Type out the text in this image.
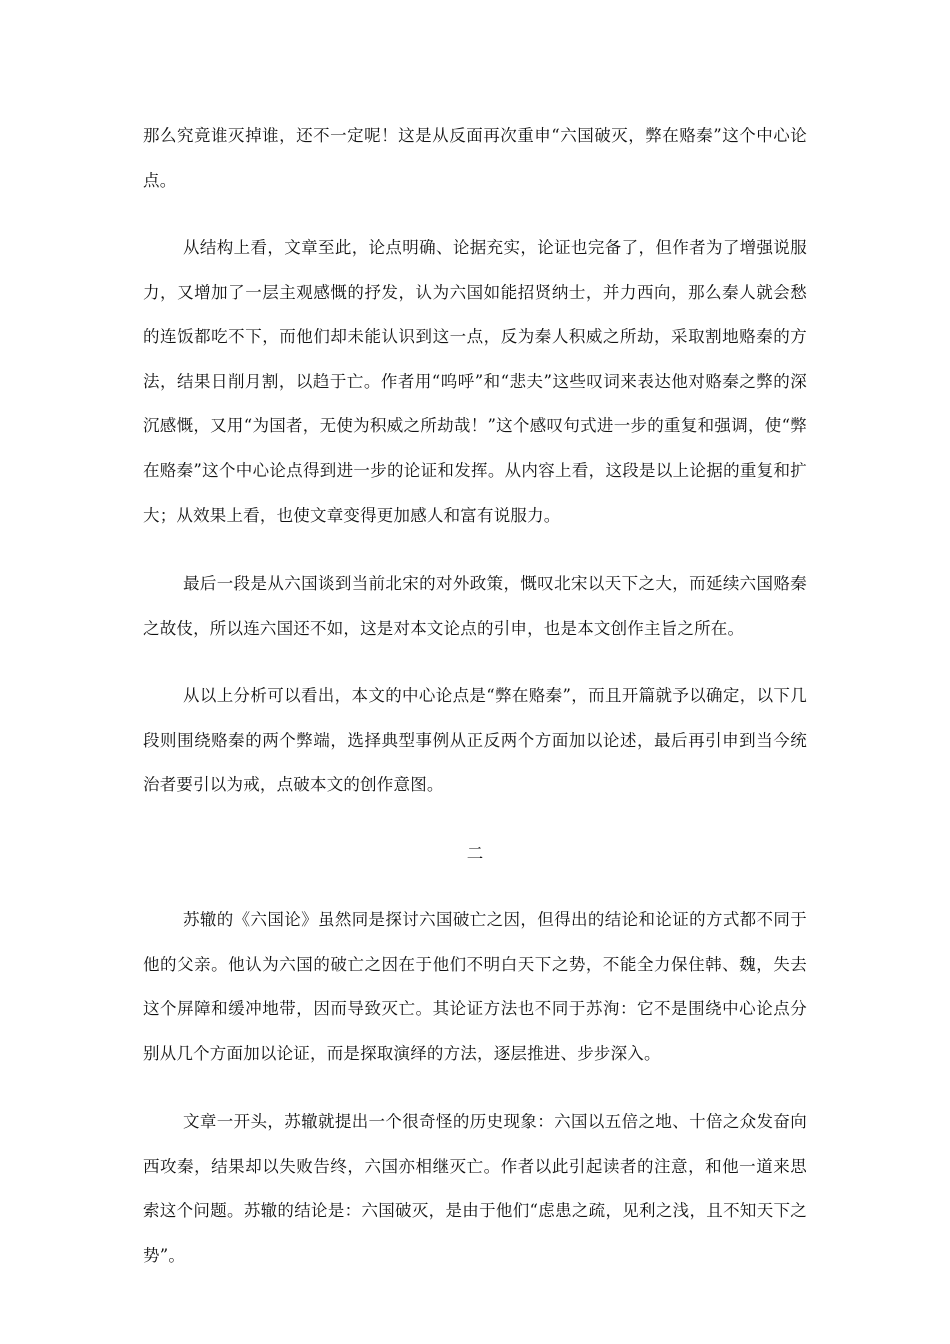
那么究竟谁灭掉谁，还不一定呢！这是从反面再次重申“六国破灭，弊在赂秦”这个中心论点。

从结构上看，文章至此，论点明确、论据充实，论证也完备了，但作者为了增强说服力，又增加了一层主观感慨的抒发，认为六国如能招贤纳士，并力西向，那么秦人就会愁的连饭都吃不下，而他们却未能认识到这一点，反为秦人积威之所劫，采取割地赂秦的方法，结果日削月割，以趋于亡。作者用“呜呼”和“悲夫”这些叹词来表达他对赂秦之弊的深沉感慨，又用“为国者，无使为积威之所劫哉！”这个感叹句式进一步的重复和强调，使“弊在赂秦”这个中心论点得到进一步的论证和发挥。从内容上看，这段是以上论据的重复和扩大；从效果上看，也使文章变得更加感人和富有说服力。

最后一段是从六国谈到当前北宋的对外政策，慨叹北宋以天下之大，而延续六国赂秦之故伎，所以连六国还不如，这是对本文论点的引申，也是本文创作主旨之所在。

从以上分析可以看出，本文的中心论点是“弊在赂秦”，而且开篇就予以确定，以下几段则围绕赂秦的两个弊端，选择典型事例从正反两个方面加以论述，最后再引申到当今统治者要引以为戒，点破本文的创作意图。

二

苏辙的《六国论》虽然同是探讨六国破亡之因，但得出的结论和论证的方式都不同于他的父亲。他认为六国的破亡之因在于他们不明白天下之势，不能全力保住韩、魏，失去这个屏障和缓冲地带，因而导致灭亡。其论证方法也不同于苏洵：它不是围绕中心论点分别从几个方面加以论证，而是探取演绎的方法，逐层推进、步步深入。

文章一开头，苏辙就提出一个很奇怪的历史现象：六国以五倍之地、十倍之众发奋向西攻秦，结果却以失败告终，六国亦相继灭亡。作者以此引起读者的注意，和他一道来思索这个问题。苏辙的结论是：六国破灭，是由于他们“虑患之疏，见利之浅，且不知天下之势”。
